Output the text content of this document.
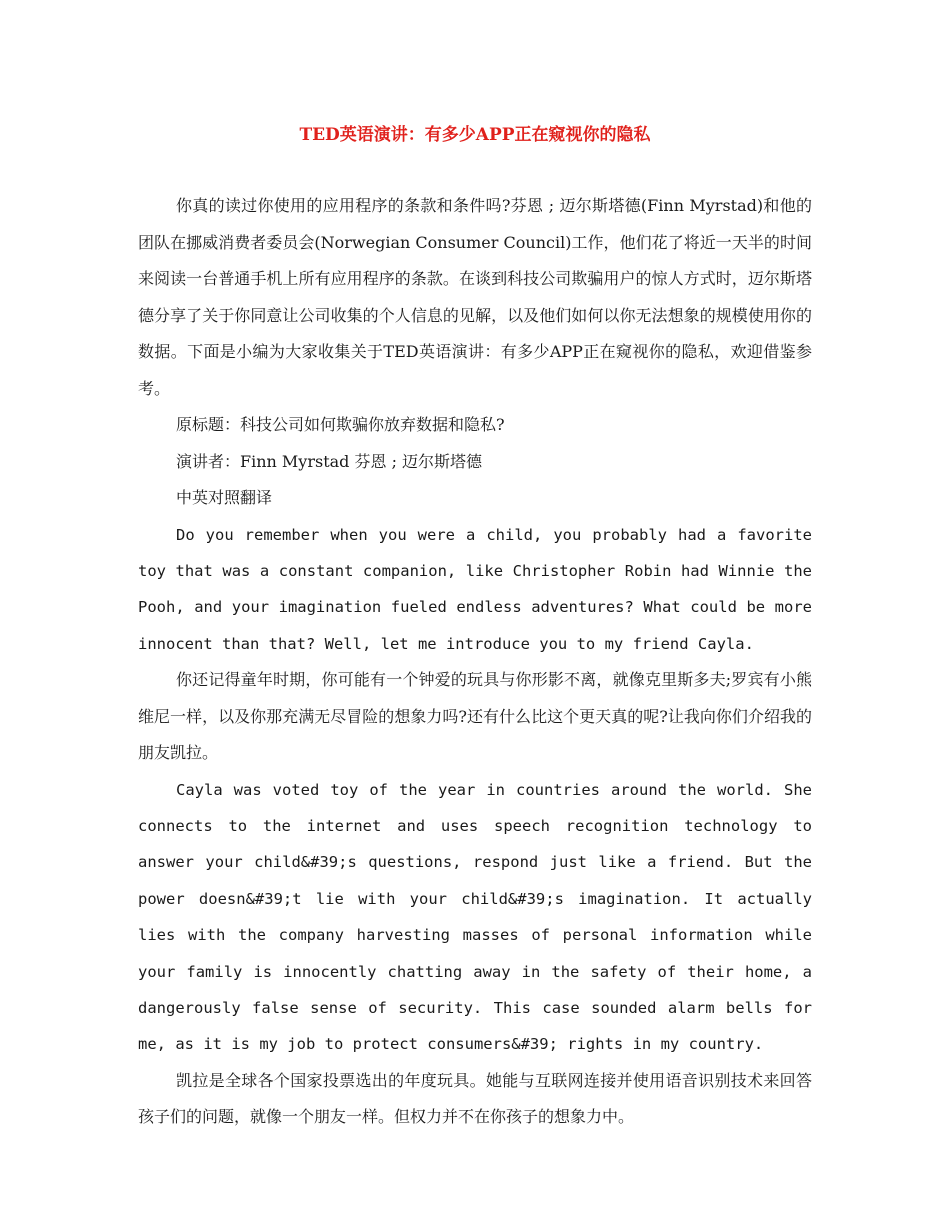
TED英语演讲：有多少APP正在窥视你的隐私

你真的读过你使用的应用程序的条款和条件吗?芬恩 ; 迈尔斯塔德(Finn Myrstad)和他的团队在挪威消费者委员会(Norwegian Consumer Council)工作，他们花了将近一天半的时间来阅读一台普通手机上所有应用程序的条款。在谈到科技公司欺骗用户的惊人方式时，迈尔斯塔德分享了关于你同意让公司收集的个人信息的见解，以及他们如何以你无法想象的规模使用你的数据。下面是小编为大家收集关于TED英语演讲：有多少APP正在窥视你的隐私，欢迎借鉴参考。

原标题：科技公司如何欺骗你放弃数据和隐私?

演讲者：Finn Myrstad 芬恩 ; 迈尔斯塔德

中英对照翻译

Do you remember when you were a child, you probably had a favorite toy that was a constant companion, like Christopher Robin had Winnie the Pooh, and your imagination fueled endless adventures? What could be more innocent than that? Well, let me introduce you to my friend Cayla.

你还记得童年时期，你可能有一个钟爱的玩具与你形影不离，就像克里斯多夫;罗宾有小熊维尼一样，以及你那充满无尽冒险的想象力吗?还有什么比这个更天真的呢?让我向你们介绍我的朋友凯拉。

Cayla was voted toy of the year in countries around the world. She connects to the internet and uses speech recognition technology to answer your child&#39;s questions, respond just like a friend. But the power doesn&#39;t lie with your child&#39;s imagination. It actually lies with the company harvesting masses of personal information while your family is innocently chatting away in the safety of their home, a dangerously false sense of security. This case sounded alarm bells for me, as it is my job to protect consumers&#39; rights in my country.

凯拉是全球各个国家投票选出的年度玩具。她能与互联网连接并使用语音识别技术来回答孩子们的问题，就像一个朋友一样。但权力并不在你孩子的想象力中。
